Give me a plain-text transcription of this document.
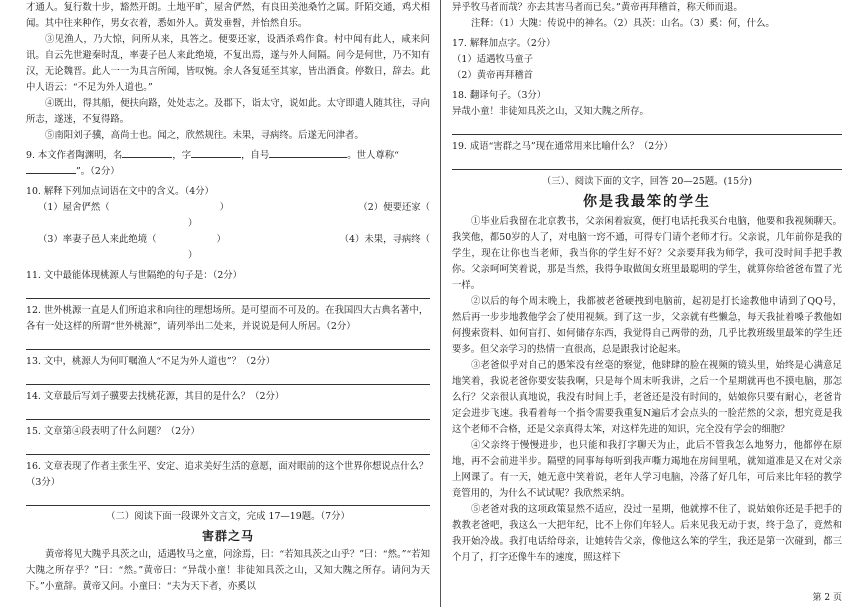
才通人。复行数十步，豁然开朗。土地平旷，屋舍俨然，有良田美池桑竹之属。阡陌交通，鸡犬相闻。其中往来种作，男女衣着，悉如外人。黄发垂髫，并怡然自乐。

③见渔人，乃大惊，问所从来，具答之。便要还家，设酒杀鸡作食。村中闻有此人，咸来问讯。自云先世避秦时乱，率妻子邑人来此绝境，不复出焉，遂与外人间隔。问今是何世，乃不知有汉，无论魏晋。此人一一为具言所闻，皆叹惋。余人各复延至其家，皆出酒食。停数日，辞去。此中人语云：“不足为外人道也。”

④既出，得其船，便扶向路，处处志之。及郡下，诣太守，说如此。太守即遣人随其往，寻向所志，遂迷，不复得路。

⑤南阳刘子骥，高尚士也。闻之，欣然规往。未果，寻病终。后遂无问津者。

9. 本文作者陶渊明，名	，字	，自号	。世人尊称“”。（2分）

10. 解释下列加点词语在文中的含义。（4分）

（1）屋舍俨然（	）	（2）便要还家（
）
（3）率妻子邑人来此绝境（	）	（4）未果，寻病终（
）

11. 文中最能体现桃源人与世隔绝的句子是：（2分）

12. 世外桃源一直是人们所追求和向往的理想场所。是可望而不可及的。在我国四大古典名著中，各有一处这样的所谓“世外桃源”，请列举出二处来，并说说是何人所居。（2分）

13. 文中，桃源人为何叮嘱渔人“不足为外人道也”？（2分）

14. 文章最后写刘子骥要去找桃花源，其目的是什么？（2分）

15. 文章第④段表明了什么问题？（2分）

16. 文章表现了作者主张生平、安定、追求美好生活的意愿，面对眼前的这个世界你想说点什么？（3分）

（二）阅读下面一段课外文言文，完成 17—19题。（7分）

害群之马

黄帝将见大隗乎具茨之山，适遇牧马之童，问涂焉，曰：“若知具茨之山乎？”曰：“然。”“若知大隗之所存乎？”曰：“然。”黄帝曰：“异哉小童！非徒知具茨之山，又知大隗之所存。请问为天下。”小童辞。黄帝又问。小童曰：“夫为天下者，亦奚以

异乎牧马者而哉？亦去其害马者而已矣。”黄帝再拜稽首，称天师而退。

注释：（1）大隗：传说中的神名。（2）具茨：山名。（3）奚：何，什么。

17. 解释加点字。（2分）

（1）适遇牧马童子

（2）黄帝再拜稽首

18. 翻译句子。（3分）

异哉小童！非徒知具茨之山，又知大隗之所存。

19. 成语“害群之马”现在通常用来比喻什么？（2分）

（三）、阅读下面的文字，回答 20—25题。(15分)

你是我最笨的学生

①毕业后我留在北京教书，父亲闲着寂寞，便打电话托我买台电脑，他要和我视频聊天。我笑他，都50岁的人了，对电脑一窍不通，可得专门请个老师才行。父亲说，几年前你是我的学生，现在让你也当老师，我当你的学生好不好？父亲要拜我为师学，我可没时间手把手教你。父亲呵呵笑着说，那是当然，我得争取做闺女班里最聪明的学生，就算你给爸爸布置了光一样。

②以后的每个周末晚上，我都被老爸硬拽到电脑前，起初是打长途教他申请到了QQ号，然后再一步步地教他学会了使用视频。到了这一步，父亲就有些懒急，每天我扯着嗓子教他如何搜索资料、如何盲打、如何储存东西，我觉得自己两带的劲，几乎比教班级里最笨的学生还要多。但父亲学习的热情一直很高，总是跟我讨论起来。

③老爸似乎对自己的愚笨没有丝毫的察觉，他肆肆的脸在视频的镜头里，始终是心满意足地笑着，我说老爸你要安装我啊，只是每个周末听我讲，之后一个星期就再也不摸电脑，那怎么行？父亲很认真地说，我没有时间上手，老爸还是没有时间的，姑娘你只要有耐心，老爸肯定会进步飞速。我看着每一个指令需要我重复N遍后才会点头的一脸茫然的父亲，想究竟是我这个老师不合格，还是父亲真得太笨，对这样先进的知识，完全没有学会的细胞？

④父亲终于慢慢进步，也只能和我打字聊天为止，此后不管我怎么地努力，他都停在原地，再不会前进半步。隔壁的同事每每听到我声嘶力竭地在房间里吼，就知道准是又在对父亲上网课了。有一天，她无意中笑着说，老年人学习电脑，冷落了好几年，可后来比年轻的教学竟管用的，为什么不试试呢？我欣然采纳。

⑤老爸对我的这项政策显然不适应，没过一星期，他就撑不住了，说姑娘你还是手把手的教教老爸吧，我这么一大把年纪，比不上你们年轻人。后来见我无动于衷，终于急了，竟然和我开始冷战。我打电话给母亲，让她转告父亲，像他这么笨的学生，我还是第一次碰到，都三个月了，打字还像牛车的速度，照这样下

第 2 页
